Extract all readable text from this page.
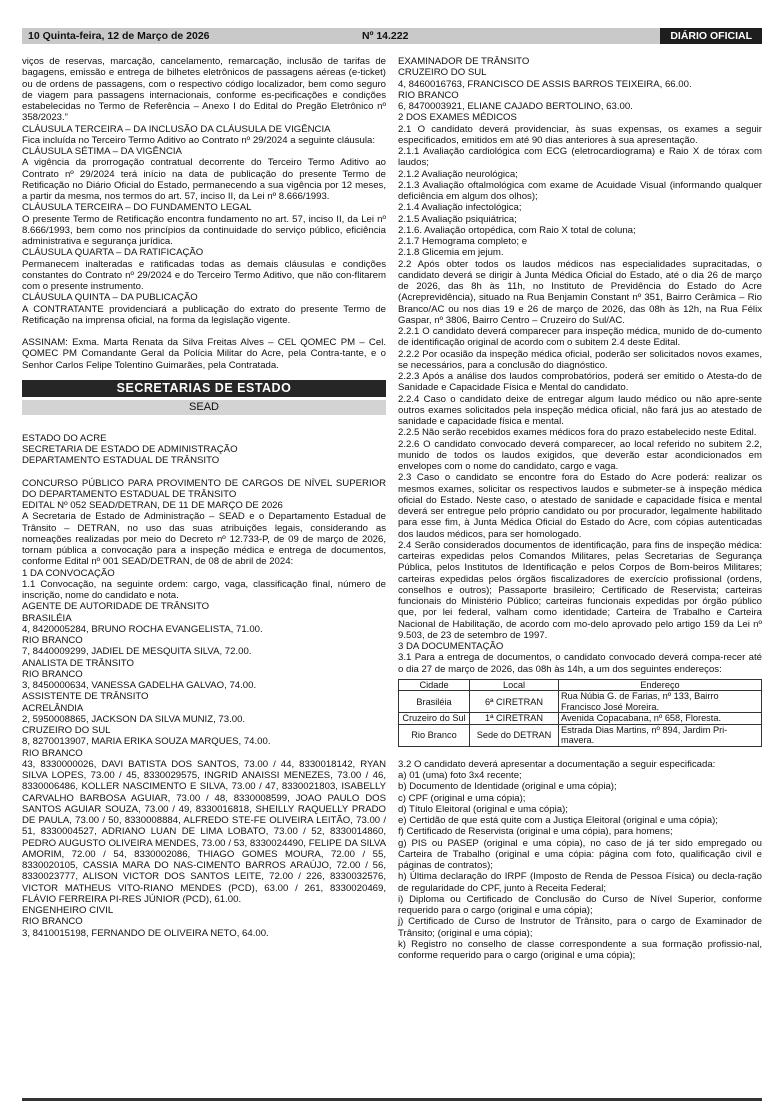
10 Quinta-feira, 12 de Março de 2026	Nº 14.222	DIÁRIO OFICIAL

viços de reservas, marcação, cancelamento, remarcação, inclusão de tarifas de bagagens, emissão e entrega de bilhetes eletrônicos de passagens aéreas (e-ticket) ou de ordens de passagens, com o respectivo código localizador, bem como seguro de viagem para passagens internacionais, conforme es-pecificações e condições estabelecidas no Termo de Referência – Anexo I do Edital do Pregão Eletrônico nº 358/2023.”

CLÁUSULA TERCEIRA – DA INCLUSÃO DA CLÁUSULA DE VIGÊNCIA

Fica incluída no Terceiro Termo Aditivo ao Contrato nº 29/2024 a seguinte cláusula:

CLÁUSULA SÉTIMA – DA VIGÊNCIA

A vigência da prorrogação contratual decorrente do Terceiro Termo Aditivo ao Contrato nº 29/2024 terá início na data de publicação do presente Termo de Retificação no Diário Oficial do Estado, permanecendo a sua vigência por 12 meses, a partir da mesma, nos termos do art. 57, inciso II, da Lei nº 8.666/1993.

CLÁUSULA TERCEIRA – DO FUNDAMENTO LEGAL

O presente Termo de Retificação encontra fundamento no art. 57, inciso II, da Lei nº 8.666/1993, bem como nos princípios da continuidade do serviço público, eficiência administrativa e segurança jurídica.

CLÁUSULA QUARTA – DA RATIFICAÇÃO

Permanecem inalteradas e ratificadas todas as demais cláusulas e condições constantes do Contrato nº 29/2024 e do Terceiro Termo Aditivo, que não con-flitarem com o presente instrumento.

CLÁUSULA QUINTA – DA PUBLICAÇÃO

A CONTRATANTE providenciará a publicação do extrato do presente Termo de Retificação na imprensa oficial, na forma da legislação vigente.

ASSINAM: Exma. Marta Renata da Silva Freitas Alves – CEL QOMEC PM – Cel. QOMEC PM Comandante Geral da Polícia Militar do Acre, pela Contra-tante, e o Senhor Carlos Felipe Tolentino Guimarães, pela Contratada.

SECRETARIAS DE ESTADO
SEAD

ESTADO DO ACRE

SECRETARIA DE ESTADO DE ADMINISTRAÇÃO

DEPARTAMENTO ESTADUAL DE TRÂNSITO

CONCURSO PÚBLICO PARA PROVIMENTO DE CARGOS DE NÍVEL SUPERIOR DO DEPARTAMENTO ESTADUAL DE TRÂNSITO

EDITAL Nº 052 SEAD/DETRAN, DE 11 DE MARÇO DE 2026

A Secretaria de Estado de Administração – SEAD e o Departamento Estadual de Trânsito – DETRAN, no uso das suas atribuições legais, considerando as nomeações realizadas por meio do Decreto nº 12.733-P, de 09 de março de 2026, tornam pública a convocação para a inspeção médica e entrega de documentos, conforme Edital nº 001 SEAD/DETRAN, de 08 de abril de 2024:

1 DA CONVOCAÇÃO

1.1 Convocação, na seguinte ordem: cargo, vaga, classificação final, número de inscrição, nome do candidato e nota.

AGENTE DE AUTORIDADE DE TRÂNSITO

BRASILÉIA

4, 8420005284, BRUNO ROCHA EVANGELISTA, 71.00.

RIO BRANCO

7, 8440009299, JADIEL DE MESQUITA SILVA, 72.00.

ANALISTA DE TRÂNSITO

RIO BRANCO

3, 8450000634, VANESSA GADELHA GALVAO, 74.00.

ASSISTENTE DE TRÂNSITO

ACRELÂNDIA

2, 5950008865, JACKSON DA SILVA MUNIZ, 73.00.

CRUZEIRO DO SUL

8, 8270013907, MARIA ERIKA SOUZA MARQUES, 74.00.

RIO BRANCO

43, 8330000026, DAVI BATISTA DOS SANTOS, 73.00 / 44, 8330018142, RYAN SILVA LOPES, 73.00 / 45, 8330029575, INGRID ANAISSI MENEZES, 73.00 / 46, 8330006486, KOLLER NASCIMENTO E SILVA, 73.00 / 47, 8330021803, ISABELLY CARVALHO BARBOSA AGUIAR, 73.00 / 48, 8330008599, JOAO PAULO DOS SANTOS AGUIAR SOUZA, 73.00 / 49, 8330016818, SHEILLY RAQUELLY PRADO DE PAULA, 73.00 / 50, 8330008884, ALFREDO STE-FE OLIVEIRA LEITÃO, 73.00 / 51, 8330004527, ADRIANO LUAN DE LIMA LOBATO, 73.00 / 52, 8330014860, PEDRO AUGUSTO OLIVEIRA MENDES, 73.00 / 53, 8330024490, FELIPE DA SILVA AMORIM, 72.00 / 54, 8330002086, THIAGO GOMES MOURA, 72.00 / 55, 8330020105, CASSIA MARA DO NAS-CIMENTO BARROS ARAÚJO, 72.00 / 56, 8330023777, ALISON VICTOR DOS SANTOS LEITE, 72.00 / 226, 8330032576, VICTOR MATHEUS VITO-RIANO MENDES (PCD), 63.00 / 261, 8330020469, FLÁVIO FERREIRA PI-RES JÚNIOR (PCD), 61.00.

ENGENHEIRO CIVIL

RIO BRANCO

3, 8410015198, FERNANDO DE OLIVEIRA NETO, 64.00.

EXAMINADOR DE TRÂNSITO

CRUZEIRO DO SUL

4, 8460016763, FRANCISCO DE ASSIS BARROS TEIXEIRA, 66.00.

RIO BRANCO

6, 8470003921, ELIANE CAJADO BERTOLINO, 63.00.

2 DOS EXAMES MÉDICOS

2.1 O candidato deverá providenciar, às suas expensas, os exames a seguir especificados, emitidos em até 90 dias anteriores à sua apresentação.

2.1.1 Avaliação cardiológica com ECG (eletrocardiograma) e Raio X de tórax com laudos;

2.1.2 Avaliação neurológica;

2.1.3 Avaliação oftalmológica com exame de Acuidade Visual (informando qualquer deficiência em algum dos olhos);

2.1.4 Avaliação infectológica;

2.1.5 Avaliação psiquiátrica;

2.1.6. Avaliação ortopédica, com Raio X total de coluna;

2.1.7 Hemograma completo; e

2.1.8 Glicemia em jejum.

2.2 Após obter todos os laudos médicos nas especialidades supracitadas, o candidato deverá se dirigir à Junta Médica Oficial do Estado, até o dia 26 de março de 2026, das 8h às 11h, no Instituto de Previdência do Estado do Acre (Acreprevidência), situado na Rua Benjamin Constant nº 351, Bairro Cerâmica – Rio Branco/AC ou nos dias 19 e 26 de março de 2026, das 08h às 12h, na Rua Félix Gaspar, nº 3806, Bairro Centro – Cruzeiro do Sul/AC.

2.2.1 O candidato deverá comparecer para inspeção médica, munido de do-cumento de identificação original de acordo com o subitem 2.4 deste Edital.

2.2.2 Por ocasião da inspeção médica oficial, poderão ser solicitados novos exames, se necessários, para a conclusão do diagnóstico.

2.2.3 Após a análise dos laudos comprobatórios, poderá ser emitido o Atesta-do de Sanidade e Capacidade Física e Mental do candidato.

2.2.4 Caso o candidato deixe de entregar algum laudo médico ou não apre-sente outros exames solicitados pela inspeção médica oficial, não fará jus ao atestado de sanidade e capacidade física e mental.

2.2.5 Não serão recebidos exames médicos fora do prazo estabelecido neste Edital.

2.2.6 O candidato convocado deverá comparecer, ao local referido no subitem 2.2, munido de todos os laudos exigidos, que deverão estar acondicionados em envelopes com o nome do candidato, cargo e vaga.

2.3 Caso o candidato se encontre fora do Estado do Acre poderá: realizar os mesmos exames, solicitar os respectivos laudos e submeter-se à inspeção médica oficial do Estado. Neste caso, o atestado de sanidade e capacidade física e mental deverá ser entregue pelo próprio candidato ou por procurador, legalmente habilitado para esse fim, à Junta Médica Oficial do Estado do Acre, com cópias autenticadas dos laudos médicos, para ser homologado.

2.4 Serão considerados documentos de identificação, para fins de inspeção médica: carteiras expedidas pelos Comandos Militares, pelas Secretarias de Segurança Pública, pelos Institutos de Identificação e pelos Corpos de Bom-beiros Militares; carteiras expedidas pelos órgãos fiscalizadores de exercício profissional (ordens, conselhos e outros); Passaporte brasileiro; Certificado de Reservista; carteiras funcionais do Ministério Público; carteiras funcionais expedidas por órgão público que, por lei federal, valham como identidade; Carteira de Trabalho e Carteira Nacional de Habilitação, de acordo com mo-delo aprovado pelo artigo 159 da Lei nº 9.503, de 23 de setembro de 1997.

3 DA DOCUMENTAÇÃO

3.1 Para a entrega de documentos, o candidato convocado deverá compa-recer até o dia 27 de março de 2026, das 08h às 14h, a um dos seguintes endereços:

Cidade	Local	Endereço
Brasiléia	6ª CIRETRAN	Rua Núbia G. de Farias, nº 133, Bairro Francisco José Moreira.
Cruzeiro do Sul	1ª CIRETRAN	Avenida Copacabana, nº 658, Floresta.
Rio Branco	Sede do DETRAN	Estrada Dias Martins, nº 894, Jardim Pri-mavera.

3.2 O candidato deverá apresentar a documentação a seguir especificada:

a) 01 (uma) foto 3x4 recente;

b) Documento de Identidade (original e uma cópia);

c) CPF (original e uma cópia);

d) Título Eleitoral (original e uma cópia);

e) Certidão de que está quite com a Justiça Eleitoral (original e uma cópia);

f) Certificado de Reservista (original e uma cópia), para homens;

g) PIS ou PASEP (original e uma cópia), no caso de já ter sido empregado ou Carteira de Trabalho (original e uma cópia: página com foto, qualificação civil e páginas de contratos);

h) Última declaração do IRPF (Imposto de Renda de Pessoa Física) ou decla-ração de regularidade do CPF, junto à Receita Federal;

i) Diploma ou Certificado de Conclusão do Curso de Nível Superior, conforme requerido para o cargo (original e uma cópia);

j) Certificado de Curso de Instrutor de Trânsito, para o cargo de Examinador de Trânsito; (original e uma cópia);

k) Registro no conselho de classe correspondente a sua formação profissio-nal, conforme requerido para o cargo (original e uma cópia);
